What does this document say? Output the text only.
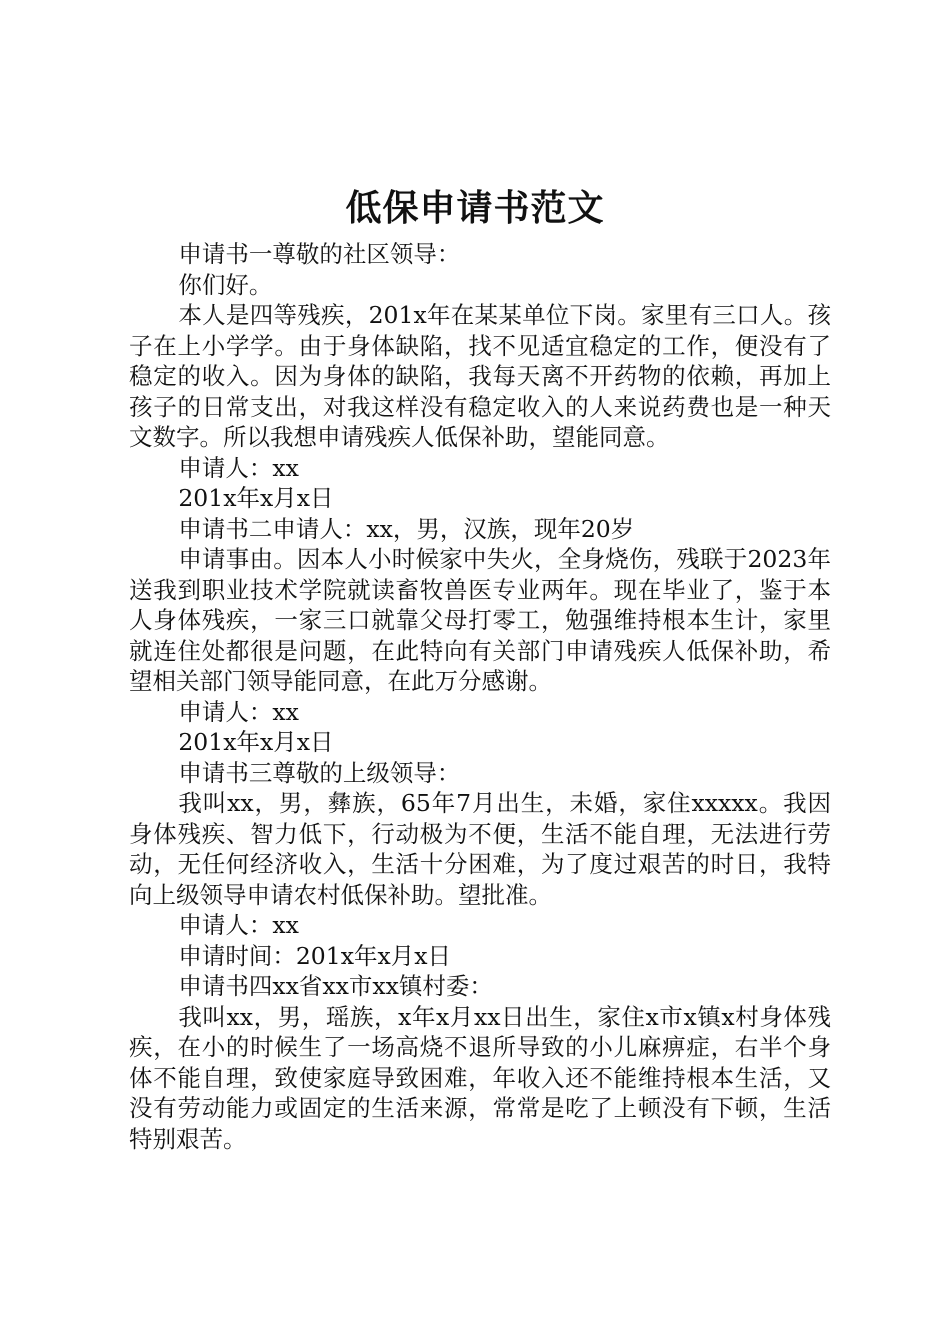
低保申请书范文

申请书一尊敬的社区领导：

你们好。

本人是四等残疾，201x年在某某单位下岗。家里有三口人。孩子在上小学学。由于身体缺陷，找不见适宜稳定的工作，便没有了稳定的收入。因为身体的缺陷，我每天离不开药物的依赖，再加上孩子的日常支出，对我这样没有稳定收入的人来说药费也是一种天文数字。所以我想申请残疾人低保补助，望能同意。

申请人：xx

201x年x月x日

申请书二申请人：xx，男，汉族，现年20岁

申请事由。因本人小时候家中失火，全身烧伤，残联于2023年送我到职业技术学院就读畜牧兽医专业两年。现在毕业了，鉴于本人身体残疾，一家三口就靠父母打零工，勉强维持根本生计，家里就连住处都很是问题，在此特向有关部门申请残疾人低保补助，希望相关部门领导能同意，在此万分感谢。

申请人：xx

201x年x月x日

申请书三尊敬的上级领导：

我叫xx，男，彝族，65年7月出生，未婚，家住xxxxx。我因身体残疾、智力低下，行动极为不便，生活不能自理，无法进行劳动，无任何经济收入，生活十分困难，为了度过艰苦的时日，我特向上级领导申请农村低保补助。望批准。

申请人：xx

申请时间：201x年x月x日

申请书四xx省xx市xx镇村委：

我叫xx，男，瑶族，x年x月xx日出生，家住x市x镇x村身体残疾，在小的时候生了一场高烧不退所导致的小儿麻痹症，右半个身体不能自理，致使家庭导致困难，年收入还不能维持根本生活，又没有劳动能力或固定的生活来源，常常是吃了上顿没有下顿，生活特别艰苦。
